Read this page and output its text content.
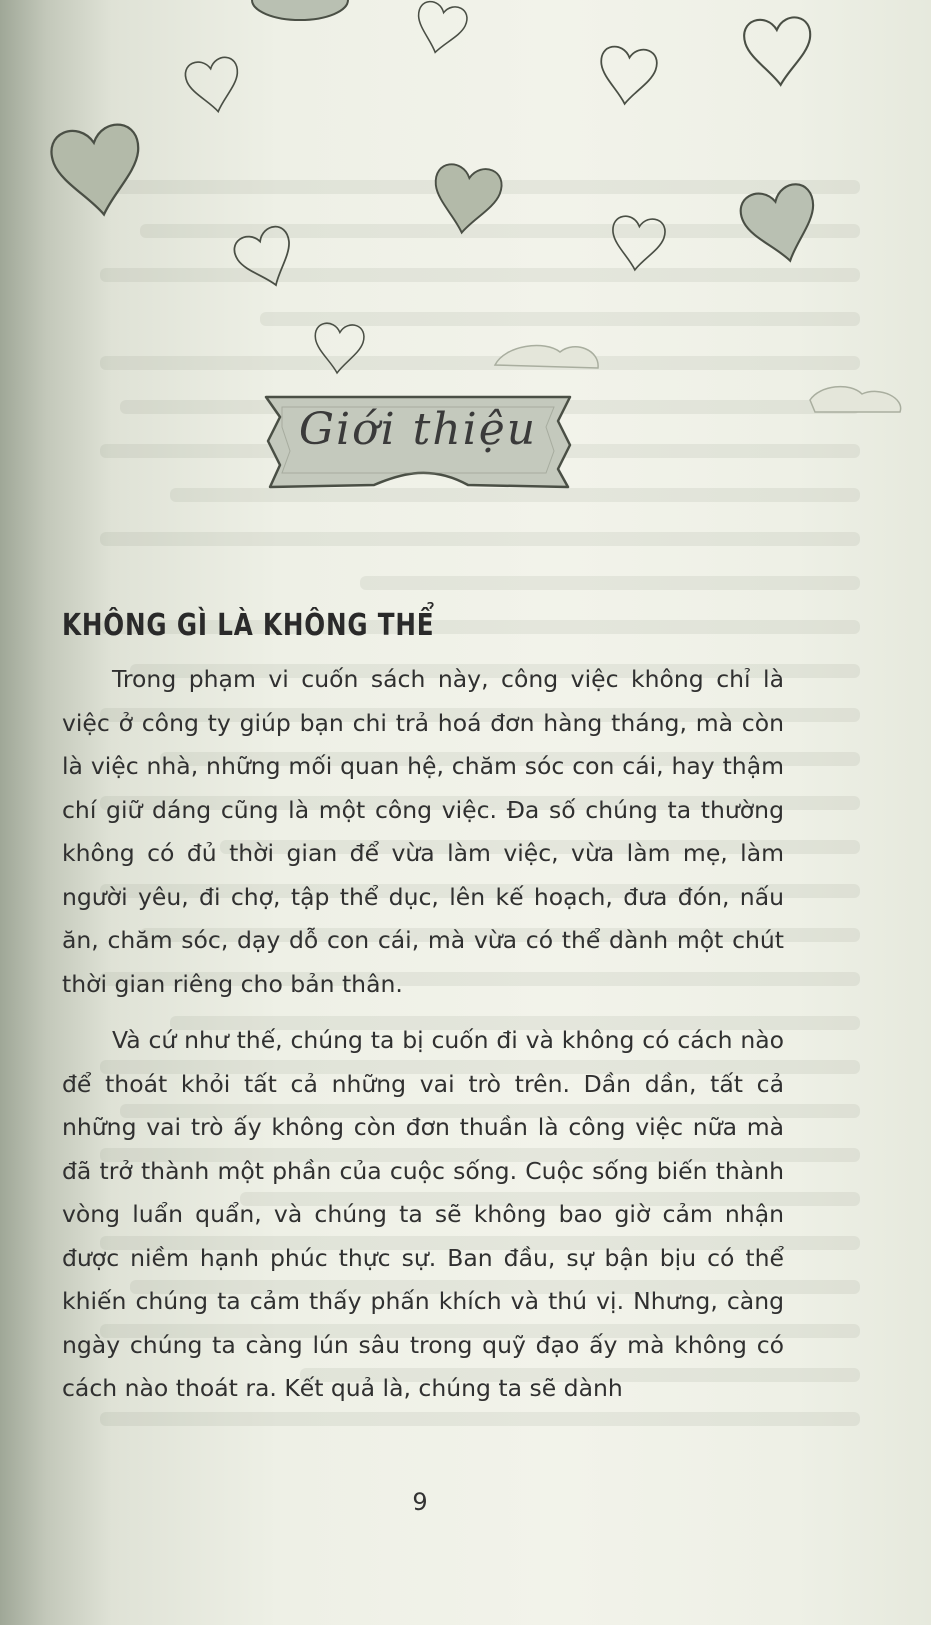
Giới thiệu
KHÔNG GÌ LÀ KHÔNG THỂ

Trong phạm vi cuốn sách này, công việc không chỉ là việc ở công ty giúp bạn chi trả hoá đơn hàng tháng, mà còn là việc nhà, những mối quan hệ, chăm sóc con cái, hay thậm chí giữ dáng cũng là một công việc. Đa số chúng ta thường không có đủ thời gian để vừa làm việc, vừa làm mẹ, làm người yêu, đi chợ, tập thể dục, lên kế hoạch, đưa đón, nấu ăn, chăm sóc, dạy dỗ con cái, mà vừa có thể dành một chút thời gian riêng cho bản thân.

Và cứ như thế, chúng ta bị cuốn đi và không có cách nào để thoát khỏi tất cả những vai trò trên. Dần dần, tất cả những vai trò ấy không còn đơn thuần là công việc nữa mà đã trở thành một phần của cuộc sống. Cuộc sống biến thành vòng luẩn quẩn, và chúng ta sẽ không bao giờ cảm nhận được niềm hạnh phúc thực sự. Ban đầu, sự bận bịu có thể khiến chúng ta cảm thấy phấn khích và thú vị. Nhưng, càng ngày chúng ta càng lún sâu trong quỹ đạo ấy mà không có cách nào thoát ra. Kết quả là, chúng ta sẽ dành

9
